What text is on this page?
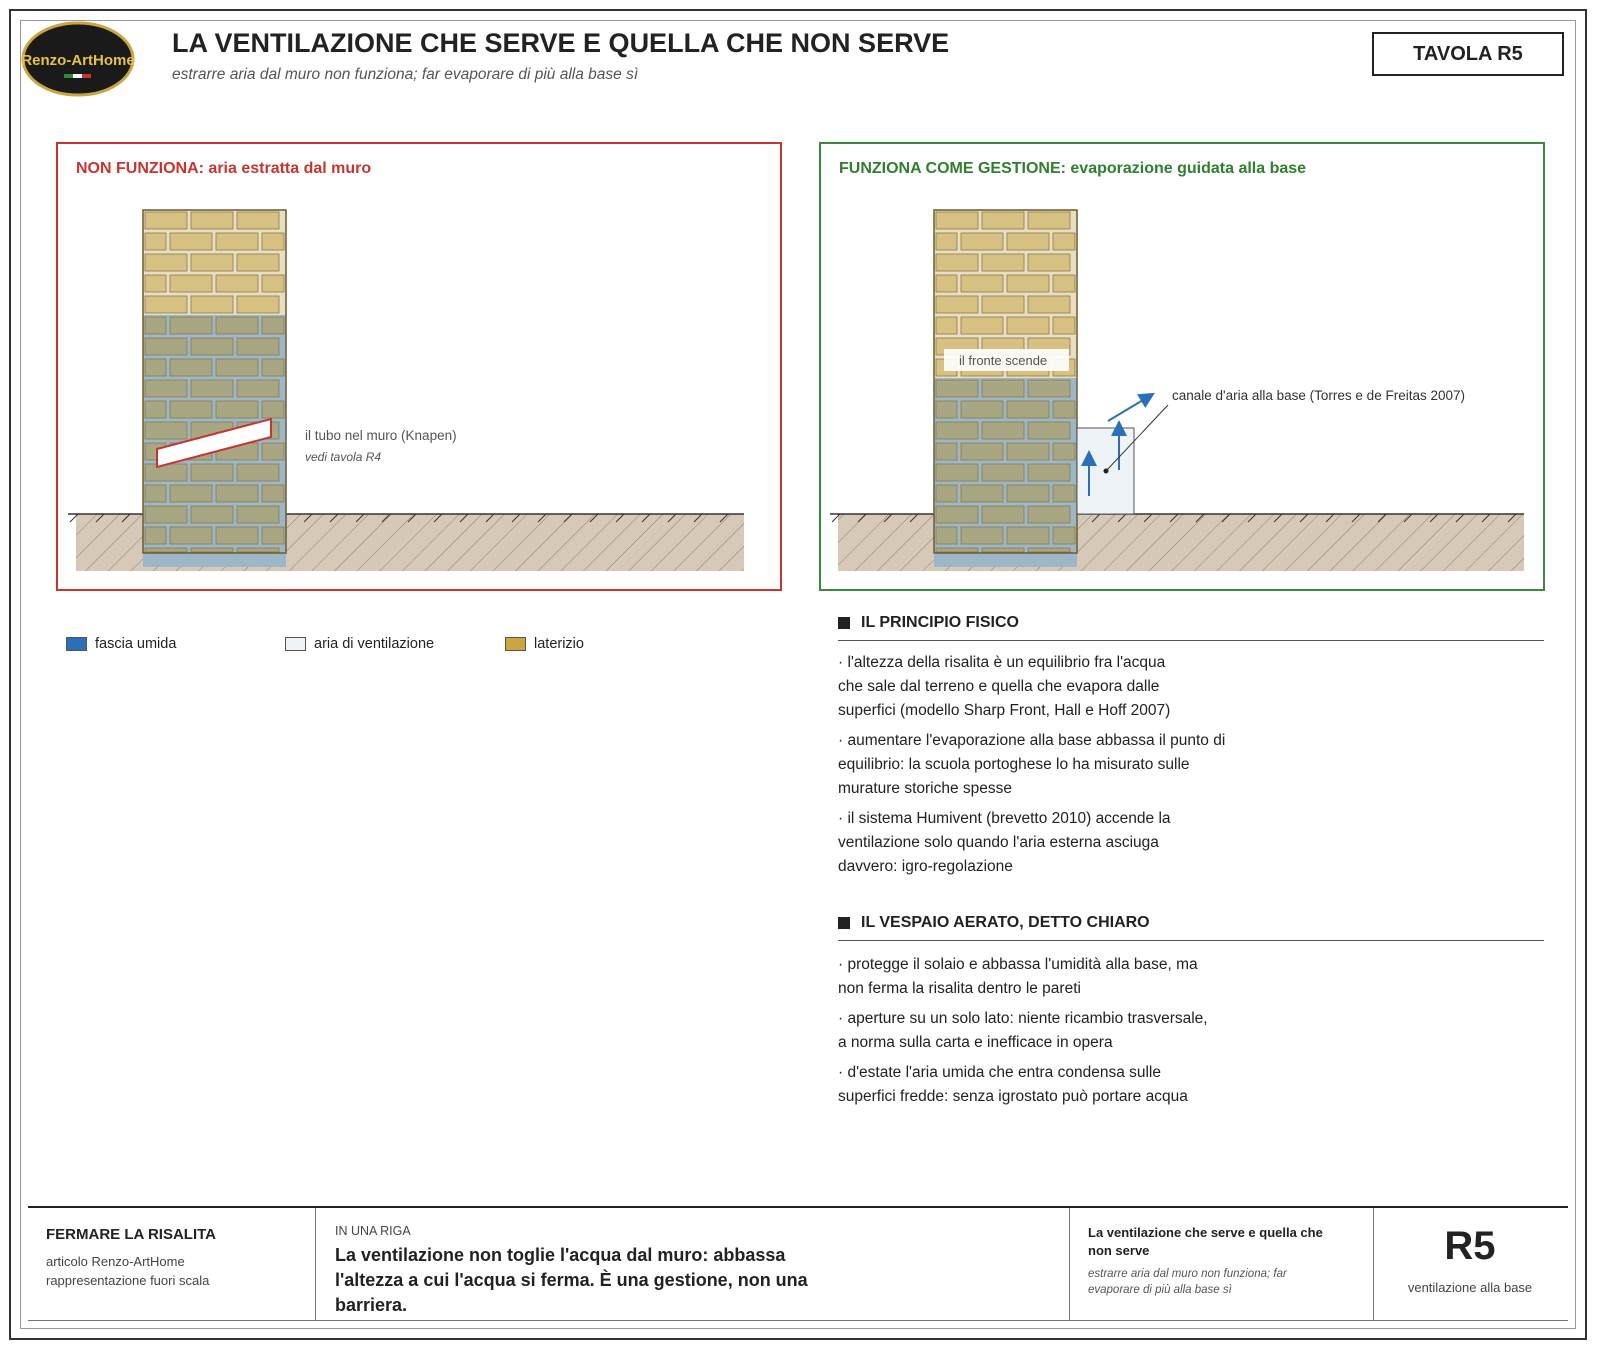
Renzo-ArtHome
LA VENTILAZIONE CHE SERVE E QUELLA CHE NON SERVE
estrarre aria dal muro non funziona; far evaporare di più alla base sì
TAVOLA R5
NON FUNZIONA: aria estratta dal muro	FUNZIONA COME GESTIONE: evaporazione guidata alla base
il tubo nel muro (Knapen)
vedi tavola R4
il fronte scende
canale d'aria alla base (Torres e de Freitas 2007)
fascia umida	aria di ventilazione	laterizio
IL PRINCIPIO FISICO
· l'altezza della risalita è un equilibrio fra l'acqua
che sale dal terreno e quella che evapora dalle
superfici (modello Sharp Front, Hall e Hoff 2007)
· aumentare l'evaporazione alla base abbassa il punto di
equilibrio: la scuola portoghese lo ha misurato sulle
murature storiche spesse
· il sistema Humivent (brevetto 2010) accende la
ventilazione solo quando l'aria esterna asciuga
davvero: igro-regolazione
IL VESPAIO AERATO, DETTO CHIARO
· protegge il solaio e abbassa l'umidità alla base, ma
non ferma la risalita dentro le pareti
· aperture su un solo lato: niente ricambio trasversale,
a norma sulla carta e inefficace in opera
· d'estate l'aria umida che entra condensa sulle
superfici fredde: senza igrostato può portare acqua
FERMARE LA RISALITA
articolo Renzo-ArtHome
rappresentazione fuori scala
IN UNA RIGA
La ventilazione non toglie l'acqua dal muro: abbassa l'altezza a cui l'acqua si ferma. È una gestione, non una barriera.
La ventilazione che serve e quella che non serve
estrarre aria dal muro non funziona; far evaporare di più alla base sì
R5
ventilazione alla base
